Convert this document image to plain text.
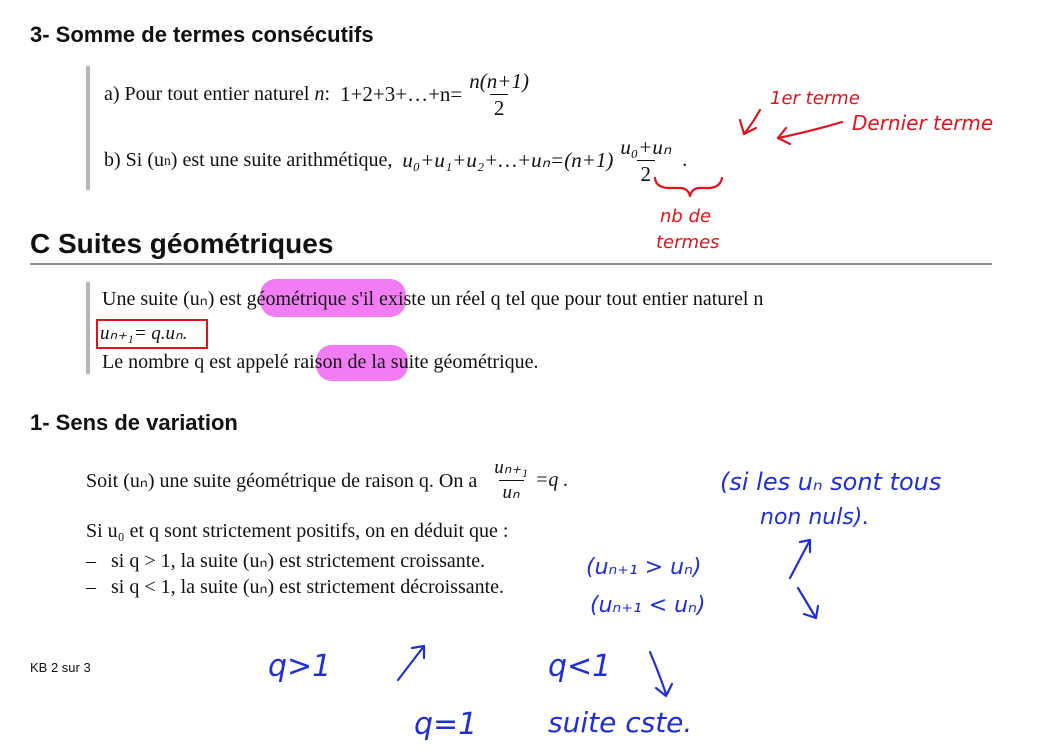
3- Somme de termes consécutifs
a) Pour tout entier naturel
n :
1+2+3+…+n= $\frac{n(n+1)}{2}$
b) Si (u n ) est une suite arithmétique,
u₀+u₁+u₂+…+uₙ=(n+1) $\frac{\text{u₀+uₙ}}{2}$ .
C Suites géométriques
Une suite (uₙ) est géométrique s'il existe un réel q tel que pour tout entier naturel n
uₙ₊₁= q.uₙ.
Le nombre q est appelé raison de la suite géométrique.
1- Sens de variation
Soit (uₙ) une suite géométrique de raison q. On a
$\frac{\text{uₙ₊₁}}{\text{uₙ}} =q$ .
Si u₀ et q sont strictement positifs, on en déduit que :
– si q > 1, la suite (uₙ) est strictement croissante.
– si q < 1, la suite (uₙ) est strictement décroissante.
KB 2 sur 3
1er terme
Dernier terme
nb de
termes
(si les uₙ sont tous
non nuls).
(uₙ₊₁ > uₙ)
(uₙ₊₁ < uₙ)
q>1	q<1
q=1	suite cste.
